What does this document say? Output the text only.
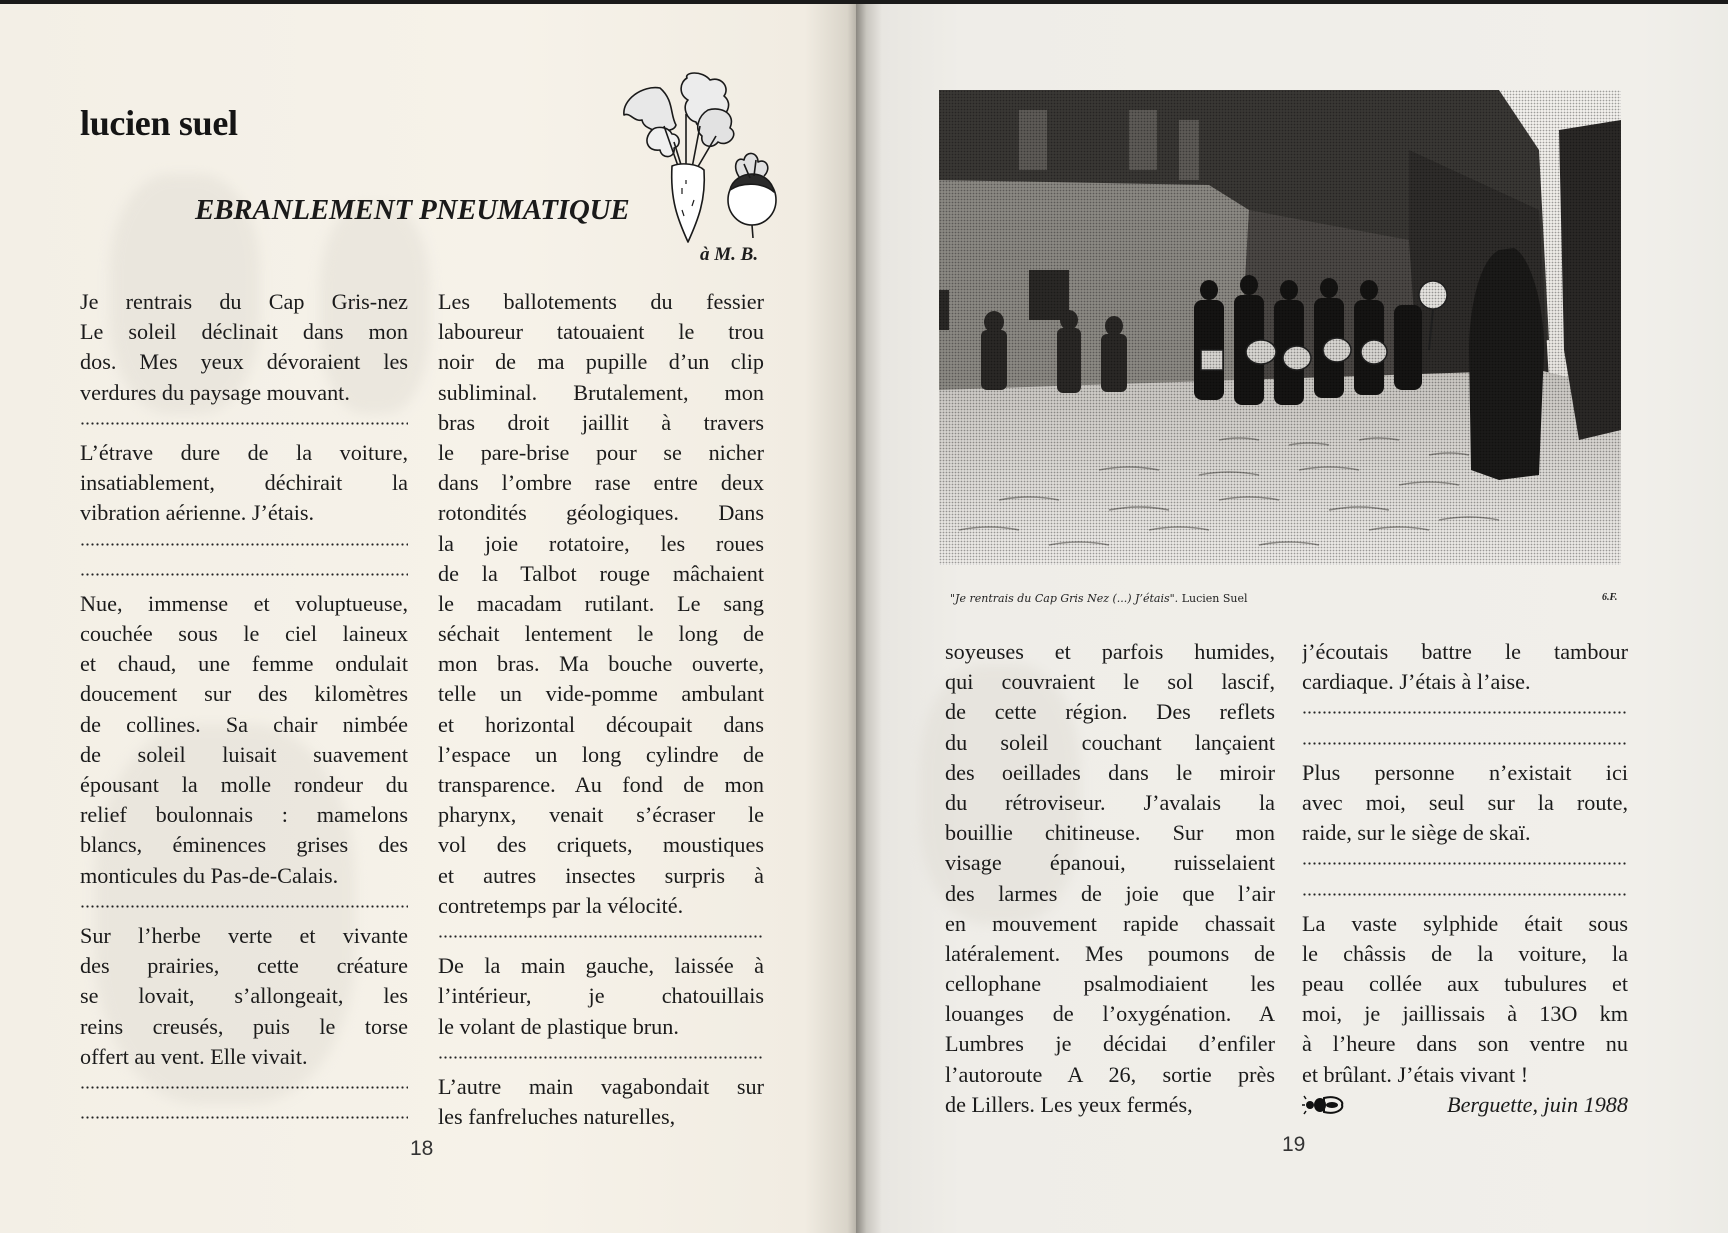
lucien suel
EBRANLEMENT PNEUMATIQUE
à M. B.
Je rentrais du Cap Gris-nez
Le soleil déclinait dans mon
dos. Mes yeux dévoraient les
verdures du paysage mouvant.
L’étrave dure de la voiture,
insatiablement, déchirait la
vibration aérienne. J’étais.
Nue, immense et voluptueuse,
couchée sous le ciel laineux
et chaud, une femme ondulait
doucement sur des kilomètres
de collines. Sa chair nimbée
de soleil luisait suavement
épousant la molle rondeur du
relief boulonnais : mamelons
blancs, éminences grises des
monticules du Pas-de-Calais.
Sur l’herbe verte et vivante
des prairies, cette créature
se lovait, s’allongeait, les
reins creusés, puis le torse
offert au vent. Elle vivait.
Les ballotements du fessier
laboureur tatouaient le trou
noir de ma pupille d’un clip
subliminal. Brutalement, mon
bras droit jaillit à travers
le pare-brise pour se nicher
dans l’ombre rase entre deux
rotondités géologiques. Dans
la joie rotatoire, les roues
de la Talbot rouge mâchaient
le macadam rutilant. Le sang
séchait lentement le long de
mon bras. Ma bouche ouverte,
telle un vide-pomme ambulant
et horizontal découpait dans
l’espace un long cylindre de
transparence. Au fond de mon
pharynx, venait s’écraser le
vol des criquets, moustiques
et autres insectes surpris à
contretemps par la vélocité.
De la main gauche, laissée à
l’intérieur, je chatouillais
le volant de plastique brun.
L’autre main vagabondait sur
les fanfreluches naturelles,
18
"Je rentrais du Cap Gris Nez (...) J’étais". Lucien Suel	6.F.
soyeuses et parfois humides,
qui couvraient le sol lascif,
de cette région. Des reflets
du soleil couchant lançaient
des oeillades dans le miroir
du rétroviseur. J’avalais la
bouillie chitineuse. Sur mon
visage épanoui, ruisselaient
des larmes de joie que l’air
en mouvement rapide chassait
latéralement. Mes poumons de
cellophane psalmodiaient les
louanges de l’oxygénation. A
Lumbres je décidai d’enfiler
l’autoroute A 26, sortie près
de Lillers. Les yeux fermés,
j’écoutais battre le tambour
cardiaque. J’étais à l’aise.
Plus personne n’existait ici
avec moi, seul sur la route,
raide, sur le siège de skaï.
La vaste sylphide était sous
le châssis de la voiture, la
peau collée aux tubulures et
moi, je jaillissais à 13O km
à l’heure dans son ventre nu
et brûlant. J’étais vivant !
Berguette, juin 1988
19
